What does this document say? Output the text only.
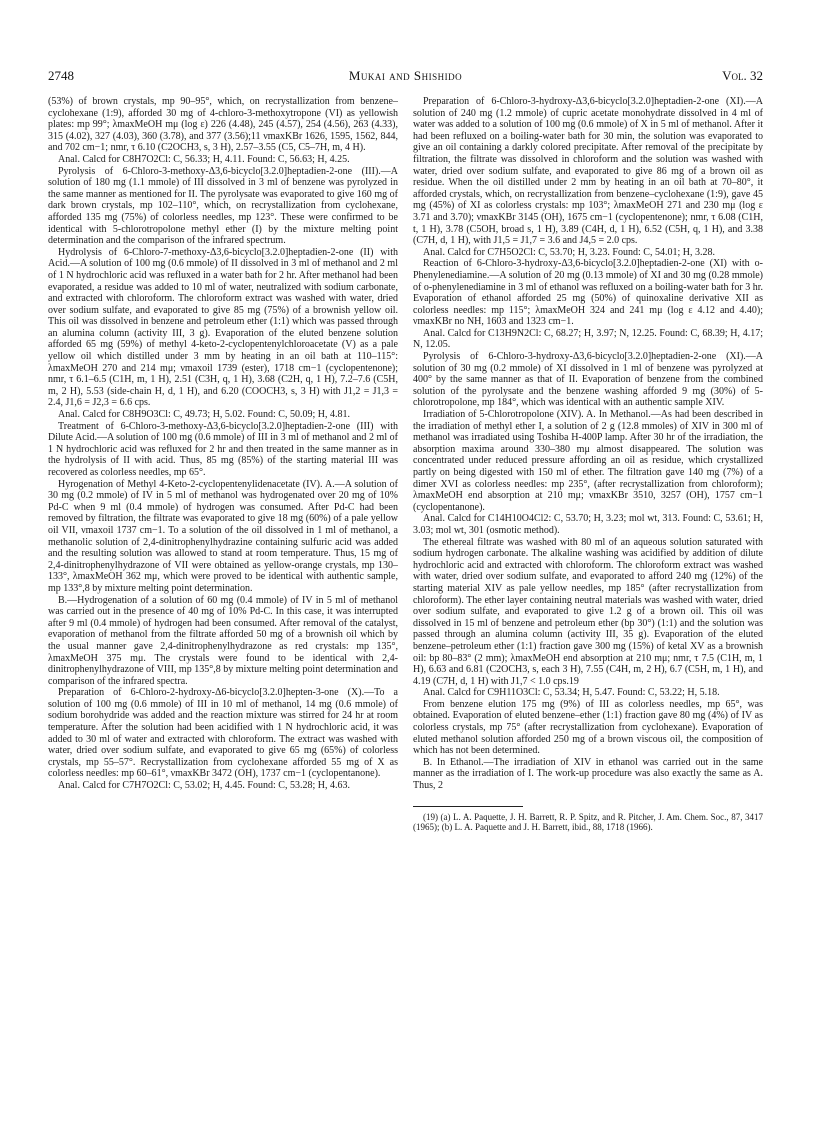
2748	Mukai and Shishido	Vol. 32

(53%) of brown crystals, mp 90–95°, which, on recrystallization from benzene–cyclohexane (1:9), afforded 30 mg of 4-chloro-3-methoxytropone (VI) as yellowish plates: mp 99°; λmaxMeOH mμ (log ε) 226 (4.48), 245 (4.57), 254 (4.56), 263 (4.33), 315 (4.02), 327 (4.03), 360 (3.78), and 377 (3.56);11 νmaxKBr 1626, 1595, 1562, 844, and 702 cm−1; nmr, τ 6.10 (C2OCH3, s, 3 H), 2.57–3.55 (C5, C5–7H, m, 4 H).

Anal. Calcd for C8H7O2Cl: C, 56.33; H, 4.11. Found: C, 56.63; H, 4.25.

Pyrolysis of 6-Chloro-3-methoxy-Δ3,6-bicyclo[3.2.0]heptadien-2-one (III).—A solution of 180 mg (1.1 mmole) of III dissolved in 3 ml of benzene was pyrolyzed in the same manner as mentioned for II. The pyrolysate was evaporated to give 160 mg of dark brown crystals, mp 102–110°, which, on recrystallization from cyclohexane, afforded 135 mg (75%) of colorless needles, mp 123°. These were confirmed to be identical with 5-chlorotropolone methyl ether (I) by the mixture melting point determination and the comparison of the infrared spectrum.

Hydrolysis of 6-Chloro-7-methoxy-Δ3,6-bicyclo[3.2.0]heptadien-2-one (II) with Acid.—A solution of 100 mg (0.6 mmole) of II dissolved in 3 ml of methanol and 2 ml of 1 N hydrochloric acid was refluxed in a water bath for 2 hr. After methanol had been evaporated, a residue was added to 10 ml of water, neutralized with sodium carbonate, and extracted with chloroform. The chloroform extract was washed with water, dried over sodium sulfate, and evaporated to give 85 mg (75%) of a brownish yellow oil. This oil was dissolved in benzene and petroleum ether (1:1) which was passed through an alumina column (activity III, 3 g). Evaporation of the eluted benzene solution afforded 65 mg (59%) of methyl 4-keto-2-cyclopentenylchloroacetate (V) as a pale yellow oil which distilled under 3 mm by heating in an oil bath at 110–115°: λmaxMeOH 270 and 214 mμ; νmaxoil 1739 (ester), 1718 cm−1 (cyclopentenone); nmr, τ 6.1–6.5 (C1H, m, 1 H), 2.51 (C3H, q, 1 H), 3.68 (C2H, q, 1 H), 7.2–7.6 (C5H, m, 2 H), 5.53 (side-chain H, d, 1 H), and 6.20 (COOCH3, s, 3 H) with J1,2 = J1,3 = 2.4, J1,6 = J2,3 = 6.6 cps.

Anal. Calcd for C8H9O3Cl: C, 49.73; H, 5.02. Found: C, 50.09; H, 4.81.

Treatment of 6-Chloro-3-methoxy-Δ3,6-bicyclo[3.2.0]heptadien-2-one (III) with Dilute Acid.—A solution of 100 mg (0.6 mmole) of III in 3 ml of methanol and 2 ml of 1 N hydrochloric acid was refluxed for 2 hr and then treated in the same manner as in the hydrolysis of II with acid. Thus, 85 mg (85%) of the starting material III was recovered as colorless needles, mp 65°.

Hyrogenation of Methyl 4-Keto-2-cyclopentenylidenacetate (IV). A.—A solution of 30 mg (0.2 mmole) of IV in 5 ml of methanol was hydrogenated over 20 mg of 10% Pd-C when 9 ml (0.4 mmole) of hydrogen was consumed. After Pd-C had been removed by filtration, the filtrate was evaporated to give 18 mg (60%) of a pale yellow oil VII, νmaxoil 1737 cm−1. To a solution of the oil dissolved in 1 ml of methanol, a methanolic solution of 2,4-dinitrophenylhydrazine containing sulfuric acid was added and the resulting solution was allowed to stand at room temperature. Thus, 15 mg of 2,4-dinitrophenylhydrazone of VII were obtained as yellow-orange crystals, mp 130–133°, λmaxMeOH 362 mμ, which were proved to be identical with authentic sample, mp 133°,8 by mixture melting point determination.

B.—Hydrogenation of a solution of 60 mg (0.4 mmole) of IV in 5 ml of methanol was carried out in the presence of 40 mg of 10% Pd-C. In this case, it was interrupted after 9 ml (0.4 mmole) of hydrogen had been consumed. After removal of the catalyst, evaporation of methanol from the filtrate afforded 50 mg of a brownish oil which by the usual manner gave 2,4-dinitrophenylhydrazone as red crystals: mp 135°, λmaxMeOH 375 mμ. The crystals were found to be identical with 2,4-dinitrophenylhydrazone of VIII, mp 135°,8 by mixture melting point determination and comparison of the infrared spectra.

Preparation of 6-Chloro-2-hydroxy-Δ6-bicyclo[3.2.0]hepten-3-one (X).—To a solution of 100 mg (0.6 mmole) of III in 10 ml of methanol, 14 mg (0.6 mmole) of sodium borohydride was added and the reaction mixture was stirred for 24 hr at room temperature. After the solution had been acidified with 1 N hydrochloric acid, it was added to 30 ml of water and extracted with chloroform. The extract was washed with water, dried over sodium sulfate, and evaporated to give 65 mg (65%) of colorless crystals, mp 55–57°. Recrystallization from cyclohexane afforded 55 mg of X as colorless needles: mp 60–61°, νmaxKBr 3472 (OH), 1737 cm−1 (cyclopentanone).

Anal. Calcd for C7H7O2Cl: C, 53.02; H, 4.45. Found: C, 53.28; H, 4.63.

Preparation of 6-Chloro-3-hydroxy-Δ3,6-bicyclo[3.2.0]heptadien-2-one (XI).—A solution of 240 mg (1.2 mmole) of cupric acetate monohydrate dissolved in 4 ml of water was added to a solution of 100 mg (0.6 mmole) of X in 5 ml of methanol. After it had been refluxed on a boiling-water bath for 30 min, the solution was evaporated to give an oil containing a darkly colored precipitate. After removal of the precipitate by filtration, the filtrate was dissolved in chloroform and the solution was washed with water, dried over sodium sulfate, and evaporated to give 86 mg of a brown oil as residue. When the oil distilled under 2 mm by heating in an oil bath at 70–80°, it afforded crystals, which, on recrystallization from benzene–cyclohexane (1:9), gave 45 mg (45%) of XI as colorless crystals: mp 103°; λmaxMeOH 271 and 230 mμ (log ε 3.71 and 3.70); νmaxKBr 3145 (OH), 1675 cm−1 (cyclopentenone); nmr, τ 6.08 (C1H, t, 1 H), 3.78 (C5OH, broad s, 1 H), 3.89 (C4H, d, 1 H), 6.52 (C5H, q, 1 H), and 3.38 (C7H, d, 1 H), with J1,5 = J1,7 = 3.6 and J4,5 = 2.0 cps.

Anal. Calcd for C7H5O2Cl: C, 53.70; H, 3.23. Found: C, 54.01; H, 3.28.

Reaction of 6-Chloro-3-hydroxy-Δ3,6-bicyclo[3.2.0]heptadien-2-one (XI) with o-Phenylenediamine.—A solution of 20 mg (0.13 mmole) of XI and 30 mg (0.28 mmole) of o-phenylenediamine in 3 ml of ethanol was refluxed on a boiling-water bath for 3 hr. Evaporation of ethanol afforded 25 mg (50%) of quinoxaline derivative XII as colorless needles: mp 115°; λmaxMeOH 324 and 241 mμ (log ε 4.12 and 4.40); νmaxKBr no NH, 1603 and 1323 cm−1.

Anal. Calcd for C13H9N2Cl: C, 68.27; H, 3.97; N, 12.25. Found: C, 68.39; H, 4.17; N, 12.05.

Pyrolysis of 6-Chloro-3-hydroxy-Δ3,6-bicyclo[3.2.0]heptadien-2-one (XI).—A solution of 30 mg (0.2 mmole) of XI dissolved in 1 ml of benzene was pyrolyzed at 400° by the same manner as that of II. Evaporation of benzene from the combined solution of the pyrolysate and the benzene washing afforded 9 mg (30%) of 5-chlorotropolone, mp 184°, which was identical with an authentic sample XIV.

Irradiation of 5-Chlorotropolone (XIV). A. In Methanol.—As had been described in the irradiation of methyl ether I, a solution of 2 g (12.8 mmoles) of XIV in 300 ml of methanol was irradiated using Toshiba H-400P lamp. After 30 hr of the irradiation, the absorption maxima around 330–380 mμ almost disappeared. The solution was concentrated under reduced pressure affording an oil as residue, which crystallized partly on being digested with 150 ml of ether. The filtration gave 140 mg (7%) of a dimer XVI as colorless needles: mp 235°, (after recrystallization from chloroform); λmaxMeOH end absorption at 210 mμ; νmaxKBr 3510, 3257 (OH), 1757 cm−1 (cyclopentanone).

Anal. Calcd for C14H10O4Cl2: C, 53.70; H, 3.23; mol wt, 313. Found: C, 53.61; H, 3.03; mol wt, 301 (osmotic method).

The ethereal filtrate was washed with 80 ml of an aqueous solution saturated with sodium hydrogen carbonate. The alkaline washing was acidified by addition of dilute hydrochloric acid and extracted with chloroform. The chloroform extract was washed with water, dried over sodium sulfate, and evaporated to afford 240 mg (12%) of the starting material XIV as pale yellow needles, mp 185° (after recrystallization from chloroform). The ether layer containing neutral materials was washed with water, dried over sodium sulfate, and evaporated to give 1.2 g of a brown oil. This oil was dissolved in 15 ml of benzene and petroleum ether (bp 30°) (1:1) and the solution was passed through an alumina column (activity III, 35 g). Evaporation of the eluted benzene–petroleum ether (1:1) fraction gave 300 mg (15%) of ketal XV as a brownish oil: bp 80–83° (2 mm); λmaxMeOH end absorption at 210 mμ; nmr, τ 7.5 (C1H, m, 1 H), 6.63 and 6.81 (C2OCH3, s, each 3 H), 7.55 (C4H, m, 2 H), 6.7 (C5H, m, 1 H), and 4.19 (C7H, d, 1 H) with J1,7 < 1.0 cps.19

Anal. Calcd for C9H11O3Cl: C, 53.34; H, 5.47. Found: C, 53.22; H, 5.18.

From benzene elution 175 mg (9%) of III as colorless needles, mp 65°, was obtained. Evaporation of eluted benzene–ether (1:1) fraction gave 80 mg (4%) of IV as colorless crystals, mp 75° (after recrystallization from cyclohexane). Evaporation of eluted methanol solution afforded 250 mg of a brown viscous oil, the composition of which has not been determined.

B. In Ethanol.—The irradiation of XIV in ethanol was carried out in the same manner as the irradiation of I. The work-up procedure was also exactly the same as A. Thus, 2

(19) (a) L. A. Paquette, J. H. Barrett, R. P. Spitz, and R. Pitcher, J. Am. Chem. Soc., 87, 3417 (1965); (b) L. A. Paquette and J. H. Barrett, ibid., 88, 1718 (1966).
